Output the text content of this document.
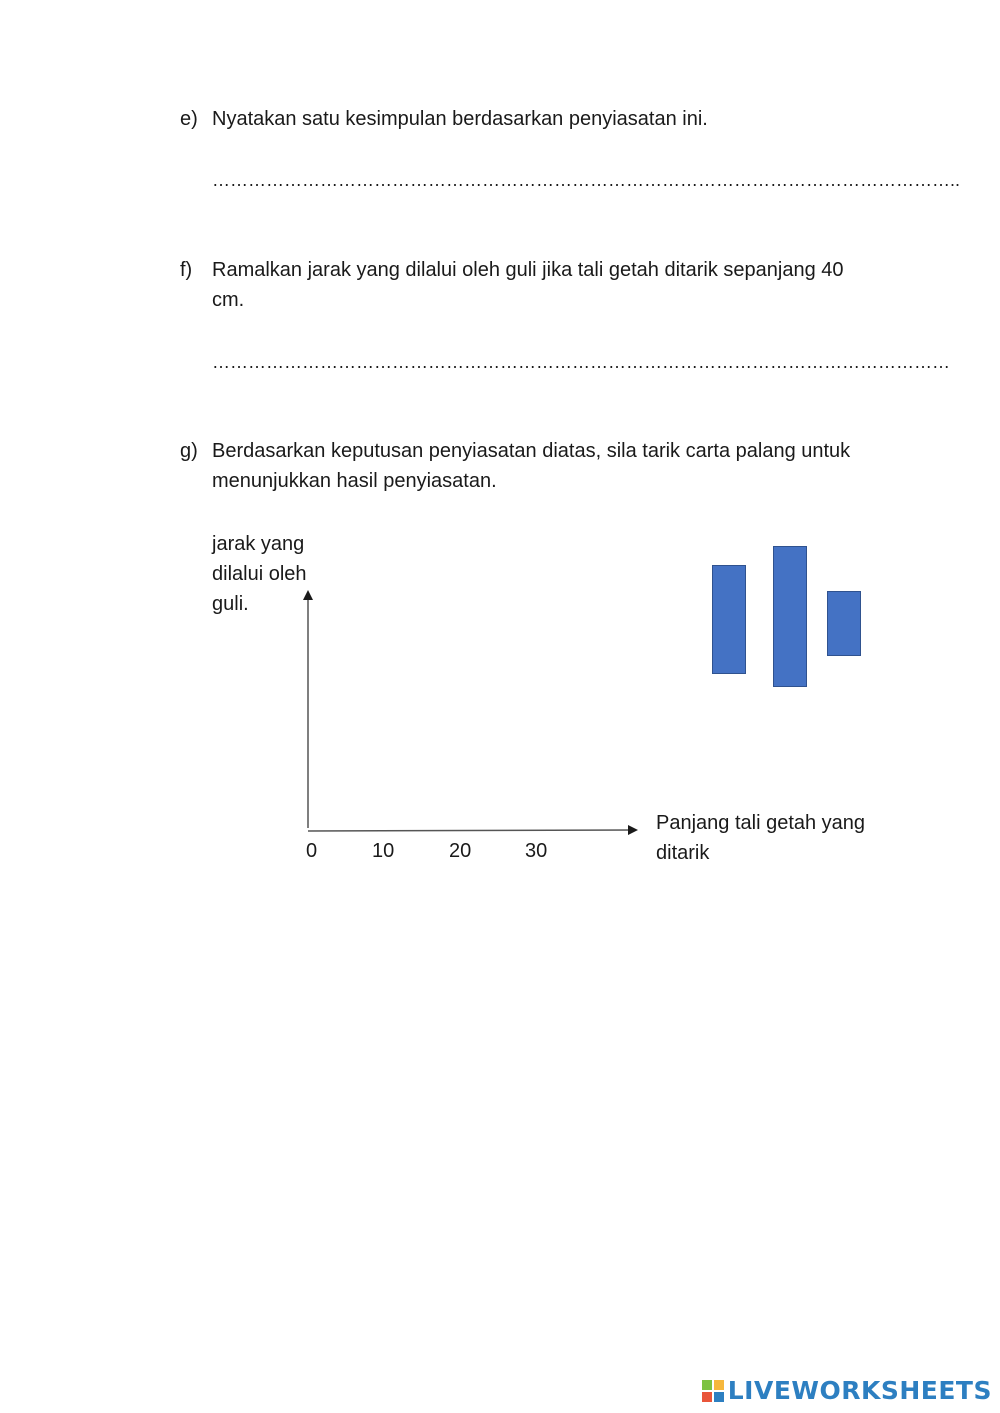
e) Nyatakan satu kesimpulan berdasarkan penyiasatan ini.
……………………………………………………………………………………………………………..
f) Ramalkan jarak yang dilalui oleh guli jika tali getah ditarik sepanjang 40 cm.
……………………………………………………………………………………………………………
g) Berdasarkan keputusan penyiasatan diatas, sila tarik carta palang untuk menunjukkan hasil penyiasatan.
jarak yang dilalui oleh guli.
0	10	20	30
Panjang tali getah yang ditarik
LIVEWORKSHEETS
